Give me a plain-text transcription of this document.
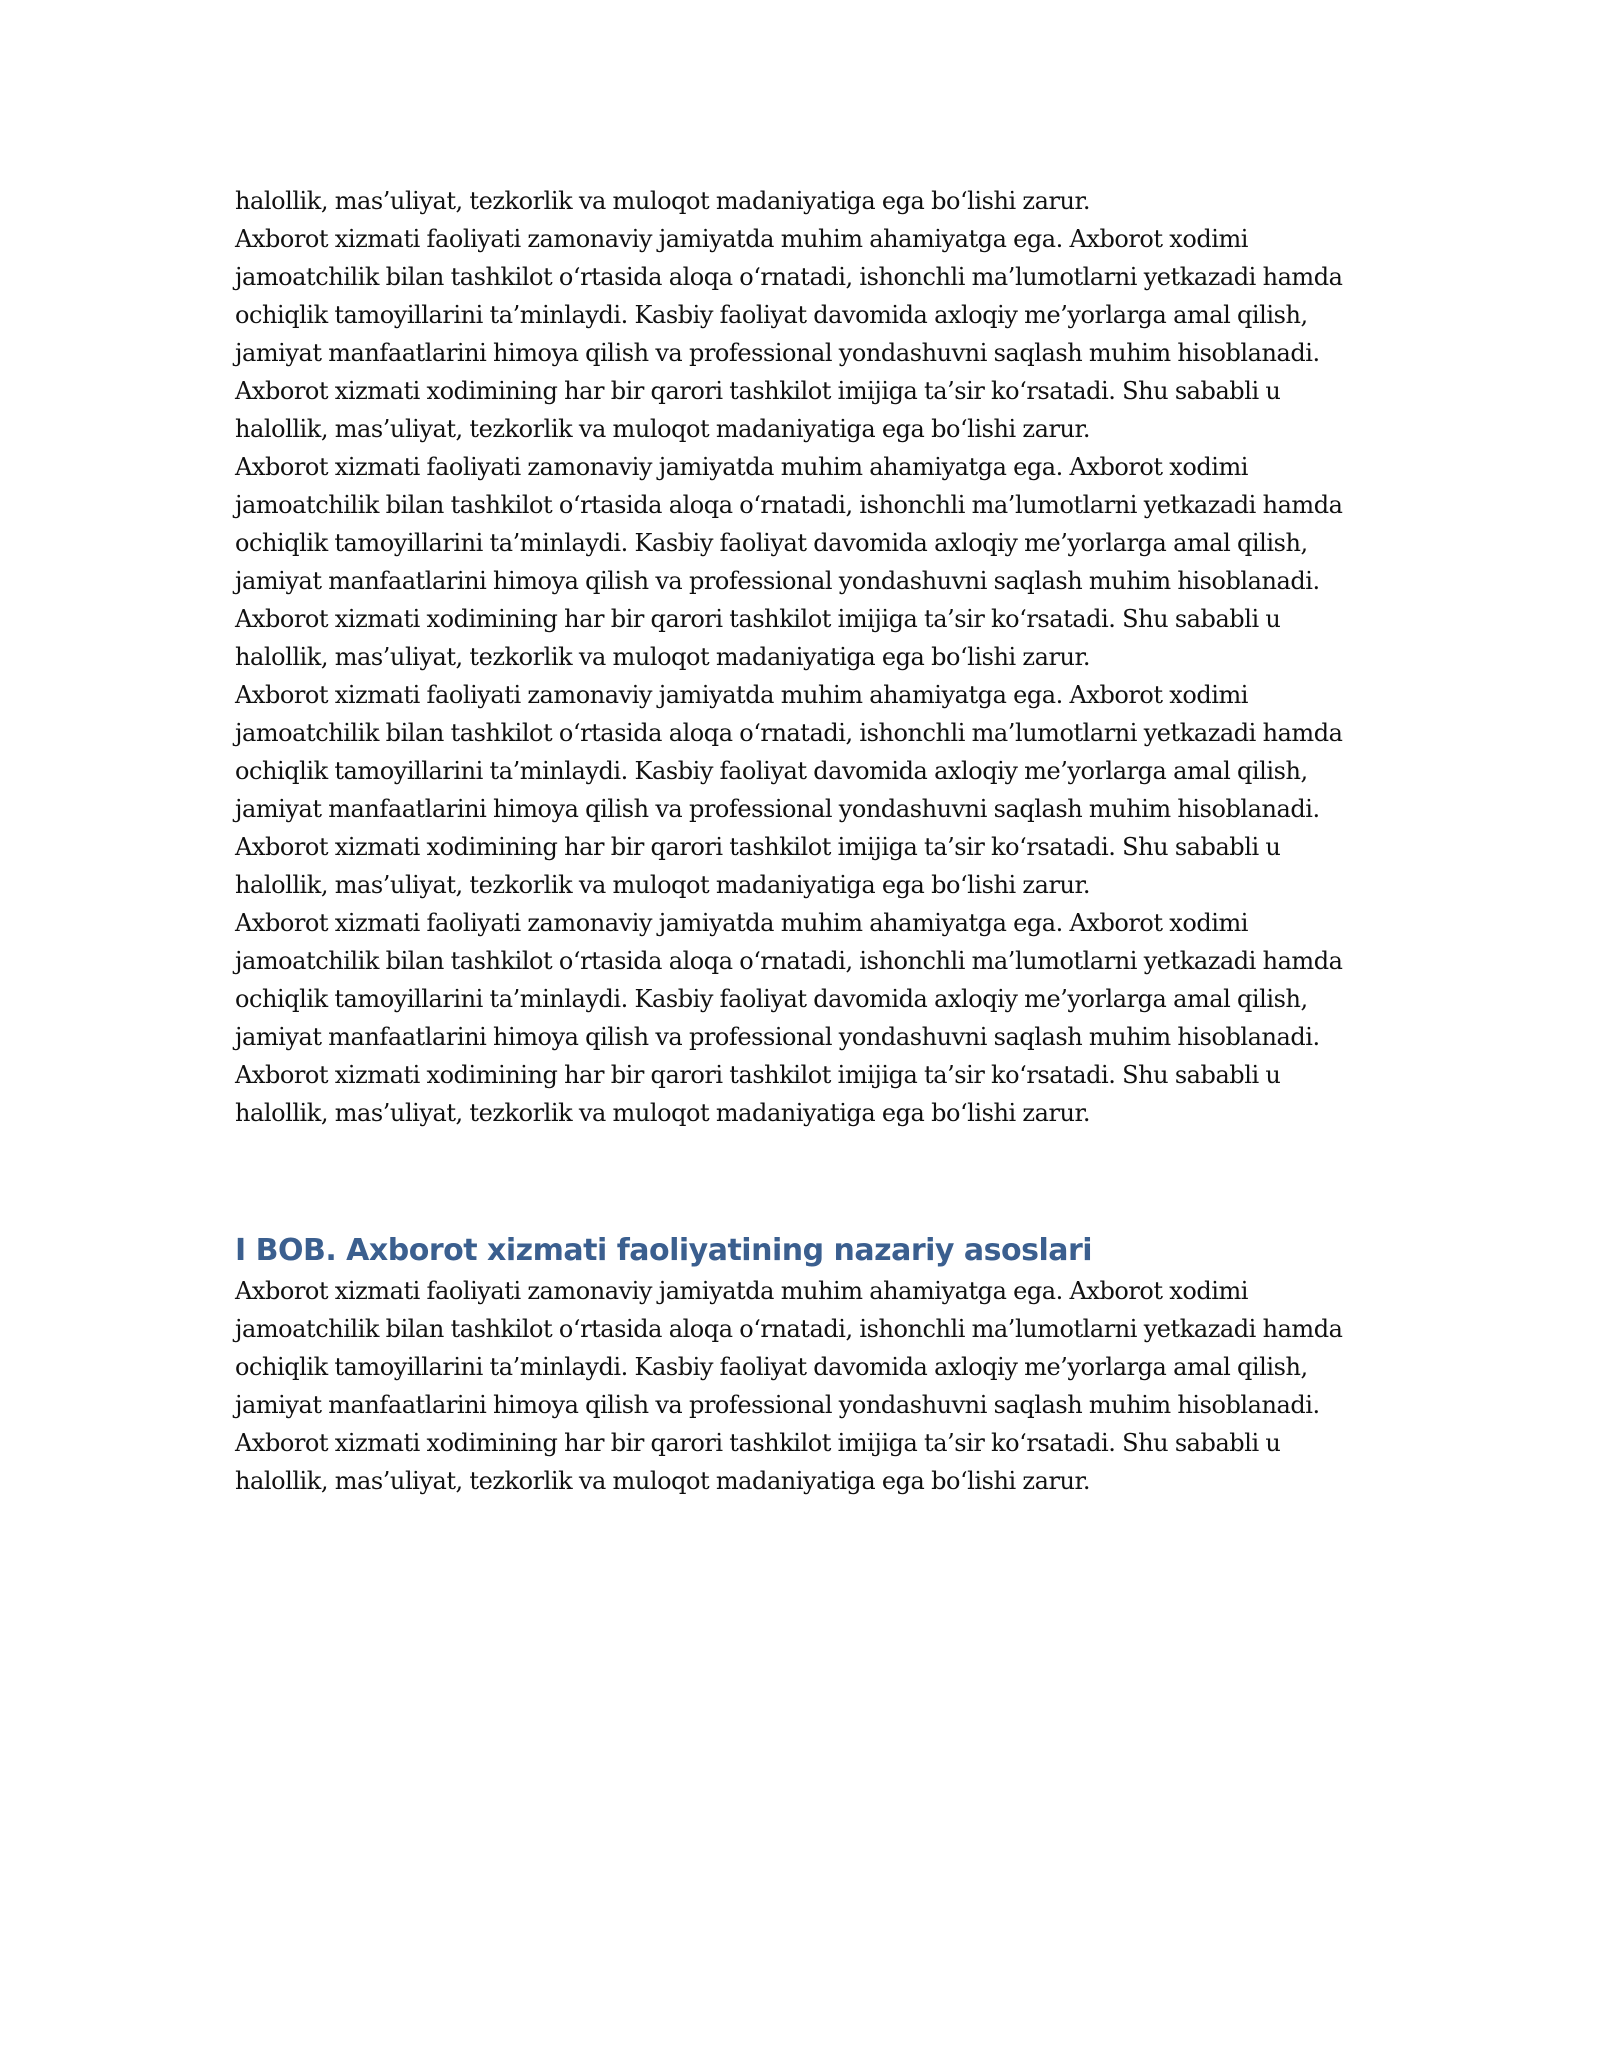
halollik, mas’uliyat, tezkorlik va muloqot madaniyatiga ega bo‘lishi zarur.

Axborot xizmati faoliyati zamonaviy jamiyatda muhim ahamiyatga ega. Axborot xodimi
jamoatchilik bilan tashkilot o‘rtasida aloqa o‘rnatadi, ishonchli ma’lumotlarni yetkazadi hamda
ochiqlik tamoyillarini ta’minlaydi. Kasbiy faoliyat davomida axloqiy me’yorlarga amal qilish,
jamiyat manfaatlarini himoya qilish va professional yondashuvni saqlash muhim hisoblanadi.
Axborot xizmati xodimining har bir qarori tashkilot imijiga ta’sir ko‘rsatadi. Shu sababli u
halollik, mas’uliyat, tezkorlik va muloqot madaniyatiga ega bo‘lishi zarur.

Axborot xizmati faoliyati zamonaviy jamiyatda muhim ahamiyatga ega. Axborot xodimi
jamoatchilik bilan tashkilot o‘rtasida aloqa o‘rnatadi, ishonchli ma’lumotlarni yetkazadi hamda
ochiqlik tamoyillarini ta’minlaydi. Kasbiy faoliyat davomida axloqiy me’yorlarga amal qilish,
jamiyat manfaatlarini himoya qilish va professional yondashuvni saqlash muhim hisoblanadi.
Axborot xizmati xodimining har bir qarori tashkilot imijiga ta’sir ko‘rsatadi. Shu sababli u
halollik, mas’uliyat, tezkorlik va muloqot madaniyatiga ega bo‘lishi zarur.

Axborot xizmati faoliyati zamonaviy jamiyatda muhim ahamiyatga ega. Axborot xodimi
jamoatchilik bilan tashkilot o‘rtasida aloqa o‘rnatadi, ishonchli ma’lumotlarni yetkazadi hamda
ochiqlik tamoyillarini ta’minlaydi. Kasbiy faoliyat davomida axloqiy me’yorlarga amal qilish,
jamiyat manfaatlarini himoya qilish va professional yondashuvni saqlash muhim hisoblanadi.
Axborot xizmati xodimining har bir qarori tashkilot imijiga ta’sir ko‘rsatadi. Shu sababli u
halollik, mas’uliyat, tezkorlik va muloqot madaniyatiga ega bo‘lishi zarur.

Axborot xizmati faoliyati zamonaviy jamiyatda muhim ahamiyatga ega. Axborot xodimi
jamoatchilik bilan tashkilot o‘rtasida aloqa o‘rnatadi, ishonchli ma’lumotlarni yetkazadi hamda
ochiqlik tamoyillarini ta’minlaydi. Kasbiy faoliyat davomida axloqiy me’yorlarga amal qilish,
jamiyat manfaatlarini himoya qilish va professional yondashuvni saqlash muhim hisoblanadi.
Axborot xizmati xodimining har bir qarori tashkilot imijiga ta’sir ko‘rsatadi. Shu sababli u
halollik, mas’uliyat, tezkorlik va muloqot madaniyatiga ega bo‘lishi zarur.

I BOB. Axborot xizmati faoliyatining nazariy asoslari

Axborot xizmati faoliyati zamonaviy jamiyatda muhim ahamiyatga ega. Axborot xodimi
jamoatchilik bilan tashkilot o‘rtasida aloqa o‘rnatadi, ishonchli ma’lumotlarni yetkazadi hamda
ochiqlik tamoyillarini ta’minlaydi. Kasbiy faoliyat davomida axloqiy me’yorlarga amal qilish,
jamiyat manfaatlarini himoya qilish va professional yondashuvni saqlash muhim hisoblanadi.
Axborot xizmati xodimining har bir qarori tashkilot imijiga ta’sir ko‘rsatadi. Shu sababli u
halollik, mas’uliyat, tezkorlik va muloqot madaniyatiga ega bo‘lishi zarur.
